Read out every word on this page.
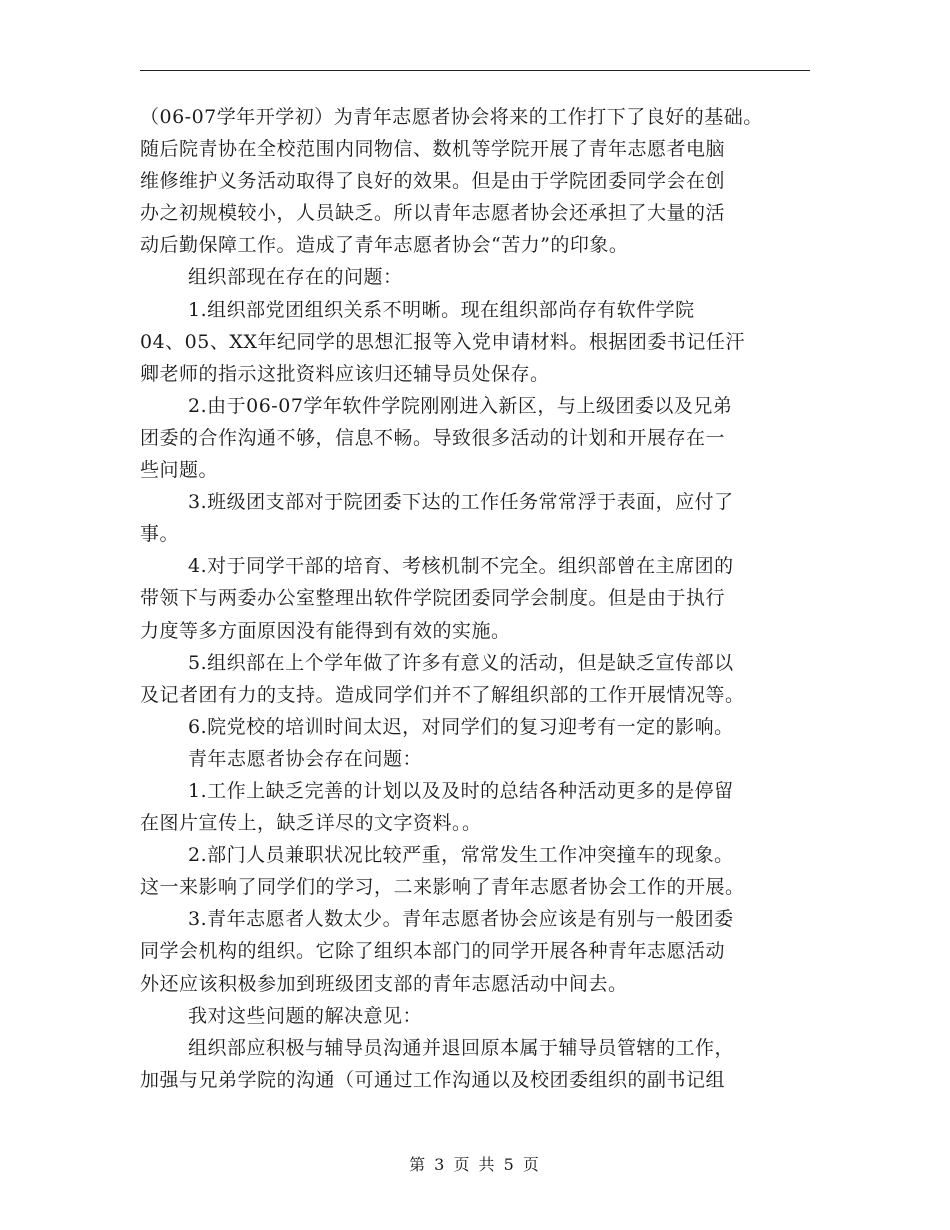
（06-07学年开学初）为青年志愿者协会将来的工作打下了良好的基础。
随后院青协在全校范围内同物信、数机等学院开展了青年志愿者电脑
维修维护义务活动取得了良好的效果。但是由于学院团委同学会在创
办之初规模较小，人员缺乏。所以青年志愿者协会还承担了大量的活
动后勤保障工作。造成了青年志愿者协会“苦力”的印象。
组织部现在存在的问题：
1.组织部党团组织关系不明晰。现在组织部尚存有软件学院
04、05、XX年纪同学的思想汇报等入党申请材料。根据团委书记任汗
卿老师的指示这批资料应该归还辅导员处保存。
2.由于06-07学年软件学院刚刚进入新区，与上级团委以及兄弟
团委的合作沟通不够，信息不畅。导致很多活动的计划和开展存在一
些问题。
3.班级团支部对于院团委下达的工作任务常常浮于表面，应付了
事。
4.对于同学干部的培育、考核机制不完全。组织部曾在主席团的
带领下与两委办公室整理出软件学院团委同学会制度。但是由于执行
力度等多方面原因没有能得到有效的实施。
5.组织部在上个学年做了许多有意义的活动，但是缺乏宣传部以
及记者团有力的支持。造成同学们并不了解组织部的工作开展情况等。
6.院党校的培训时间太迟，对同学们的复习迎考有一定的影响。
青年志愿者协会存在问题：
1.工作上缺乏完善的计划以及及时的总结各种活动更多的是停留
在图片宣传上，缺乏详尽的文字资料。。
2.部门人员兼职状况比较严重，常常发生工作冲突撞车的现象。
这一来影响了同学们的学习，二来影响了青年志愿者协会工作的开展。
3.青年志愿者人数太少。青年志愿者协会应该是有别与一般团委
同学会机构的组织。它除了组织本部门的同学开展各种青年志愿活动
外还应该积极参加到班级团支部的青年志愿活动中间去。
我对这些问题的解决意见：
组织部应积极与辅导员沟通并退回原本属于辅导员管辖的工作，
加强与兄弟学院的沟通（可通过工作沟通以及校团委组织的副书记组
第 3 页 共 5 页
